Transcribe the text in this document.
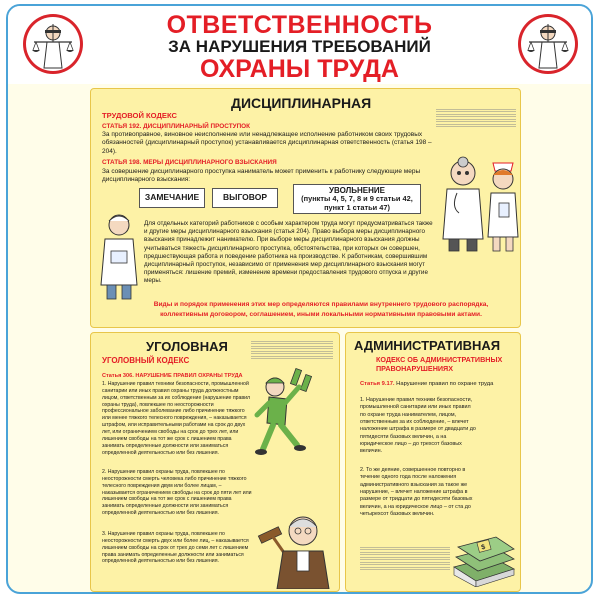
ОТВЕТСТВЕННОСТЬ
ЗА НАРУШЕНИЯ ТРЕБОВАНИЙ
ОХРАНЫ ТРУДА
ДИСЦИПЛИНАРНАЯ
ТРУДОВОЙ КОДЕКС
СТАТЬЯ 192. ДИСЦИПЛИНАРНЫЙ ПРОСТУПОК
За противоправное, виновное неисполнение или ненадлежащее исполнение работником своих трудовых обязанностей (дисциплинарный проступок) устанавливается дисциплинарная ответственность (статья 198 – 204).
СТАТЬЯ 198. МЕРЫ ДИСЦИПЛИНАРНОГО ВЗЫСКАНИЯ
За совершение дисциплинарного проступка наниматель может применить к работнику следующие меры дисциплинарного взыскания:
ЗАМЕЧАНИЕ	ВЫГОВОР
УВОЛЬНЕНИЕ
(пункты 4, 5, 7, 8 и 9 статьи 42,
пункт 1 статьи 47)
Для отдельных категорий работников с особым характером труда могут предусматриваться также и другие меры дисциплинарного взыскания (статья 204). Право выбора меры дисциплинарного взыскания принадлежит нанимателю. При выборе меры дисциплинарного взыскания должны учитываться тяжесть дисциплинарного проступка, обстоятельства, при которых он совершен, предшествующая работа и поведение работника на производстве. К работникам, совершившим дисциплинарный проступок, независимо от применения мер дисциплинарного взыскания могут применяться: лишение премий, изменение времени предоставления трудового отпуска и другие меры.
Виды и порядок применения этих мер определяются правилами внутреннего трудового распорядка,
коллективным договором, соглашением, иными локальными нормативными правовыми актами.
УГОЛОВНАЯ
УГОЛОВНЫЙ КОДЕКС
Статья 306. НАРУШЕНИЕ ПРАВИЛ ОХРАНЫ ТРУДА
1. Нарушение правил техники безопасности, промышленной санитарии или иных правил охраны труда должностным лицом, ответственным за их соблюдение (нарушение правил охраны труда), повлекшее по неосторожности профессиональное заболевание либо причинение тяжкого или менее тяжкого телесного повреждения, – наказывается штрафом, или исправительными работами на срок до двух лет, или ограничением свободы на срок до трех лет, или лишением свободы на тот же срок с лишением права занимать определенные должности или заниматься определенной деятельностью или без лишения.
2. Нарушение правил охраны труда, повлекшее по неосторожности смерть человека либо причинение тяжкого телесного повреждения двум или более лицам, – наказывается ограничением свободы на срок до пяти лет или лишением свободы на тот же срок с лишением права занимать определенные должности или заниматься определенной деятельностью или без лишения.
3. Нарушение правил охраны труда, повлекшее по неосторожности смерть двух или более лиц, – наказывается лишением свободы на срок от трех до семи лет с лишением права занимать определенные должности или заниматься определенной деятельностью или без лишения.
АДМИНИСТРАТИВНАЯ
КОДЕКС ОБ АДМИНИСТРАТИВНЫХ
ПРАВОНАРУШЕНИЯХ
Статья 9.17. Нарушение правил по охране труда
1. Нарушение правил техники безопасности, промышленной санитарии или иных правил по охране труда нанимателем, лицом, ответственным за их соблюдение, – влечет наложение штрафа в размере от двадцати до пятидесяти базовых величин, а на юридическое лицо – до трехсот базовых величин.
2. То же деяние, совершенное повторно в течение одного года после наложения административного взыскания за такое же нарушение, – влечет наложение штрафа в размере от тридцати до пятидесяти базовых величин, а на юридическое лицо – от ста до четырехсот базовых величин.
$
